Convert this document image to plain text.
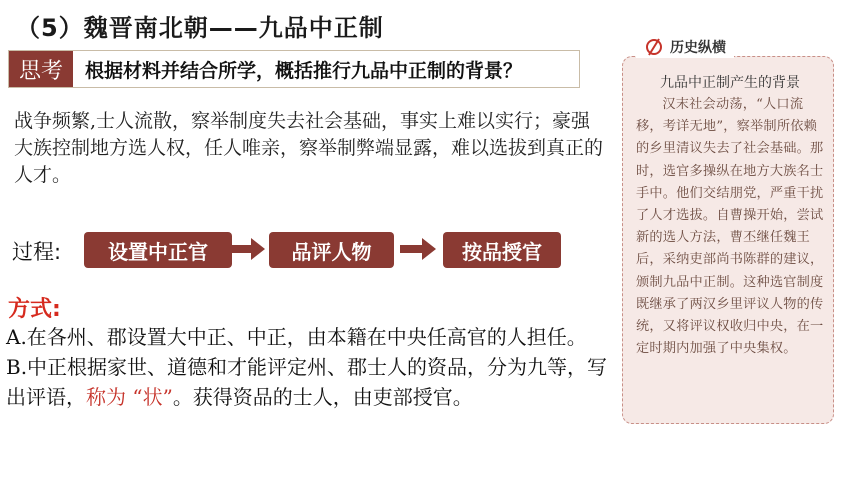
（5）魏晋南北朝——九品中正制
思考	根据材料并结合所学，概括推行九品中正制的背景？
战争频繁,士人流散，察举制度失去社会基础，事实上难以实行；豪强大族控制地方选人权，任人唯亲，察举制弊端显露，难以选拔到真正的人才。
过程:	设置中正官	品评人物	按品授官
方式:
A.在各州、郡设置大中正、中正，由本籍在中央任高官的人担任。
B.中正根据家世、道德和才能评定州、郡士人的资品，分为九等，写出评语，称为 “状”。获得资品的士人，由吏部授官。
历史纵横
九品中正制产生的背景
汉末社会动荡，“人口流移，考详无地”，察举制所依赖的乡里清议失去了社会基础。那时，选官多操纵在地方大族名士手中。他们交结朋党，严重干扰了人才选拔。自曹操开始，尝试新的选人方法，曹丕继任魏王后，采纳吏部尚书陈群的建议，颁制九品中正制。这种选官制度既继承了两汉乡里评议人物的传统，又将评议权收归中央，在一定时期内加强了中央集权。
